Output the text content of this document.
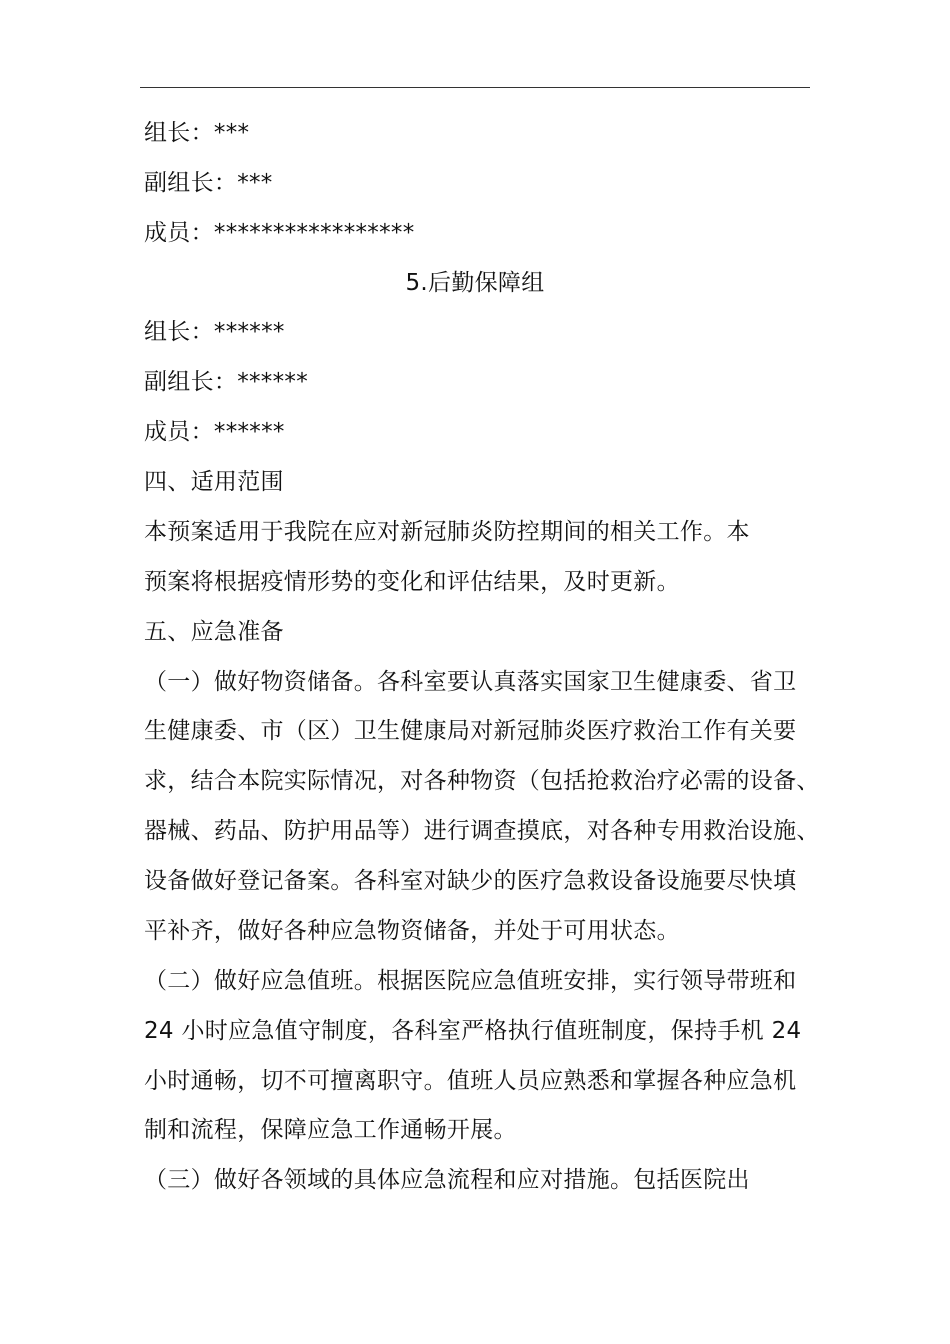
组长：***
副组长：***
成员：*****************
5.后勤保障组
组长：******
副组长：******
成员：******
四、适用范围
本预案适用于我院在应对新冠肺炎防控期间的相关工作。本
预案将根据疫情形势的变化和评估结果，及时更新。
五、应急准备
（一）做好物资储备。各科室要认真落实国家卫生健康委、省卫
生健康委、市（区）卫生健康局对新冠肺炎医疗救治工作有关要
求，结合本院实际情况，对各种物资（包括抢救治疗必需的设备、
器械、药品、防护用品等）进行调查摸底，对各种专用救治设施、
设备做好登记备案。各科室对缺少的医疗急救设备设施要尽快填
平补齐，做好各种应急物资储备，并处于可用状态。
（二）做好应急值班。根据医院应急值班安排，实行领导带班和
24 小时应急值守制度，各科室严格执行值班制度，保持手机 24
小时通畅，切不可擅离职守。值班人员应熟悉和掌握各种应急机
制和流程，保障应急工作通畅开展。
（三）做好各领域的具体应急流程和应对措施。包括医院出
